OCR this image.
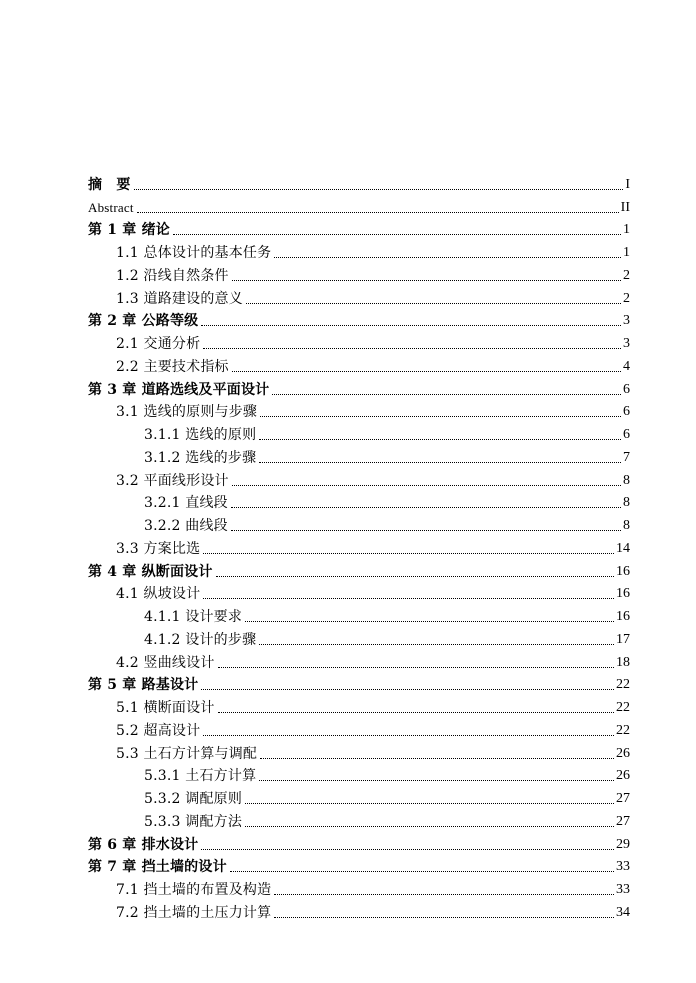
摘　要	I
Abstract	II
第 1 章 绪论	1
1.1 总体设计的基本任务	1
1.2 沿线自然条件	2
1.3 道路建设的意义	2
第 2 章 公路等级	3
2.1 交通分析	3
2.2 主要技术指标	4
第 3 章 道路选线及平面设计	6
3.1 选线的原则与步骤	6
3.1.1 选线的原则	6
3.1.2 选线的步骤	7
3.2 平面线形设计	8
3.2.1 直线段	8
3.2.2 曲线段	8
3.3 方案比选	14
第 4 章 纵断面设计	16
4.1 纵坡设计	16
4.1.1 设计要求	16
4.1.2 设计的步骤	17
4.2 竖曲线设计	18
第 5 章 路基设计	22
5.1 横断面设计	22
5.2 超高设计	22
5.3 土石方计算与调配	26
5.3.1 土石方计算	26
5.3.2 调配原则	27
5.3.3 调配方法	27
第 6 章 排水设计	29
第 7 章 挡土墙的设计	33
7.1 挡土墙的布置及构造	33
7.2 挡土墙的土压力计算	34
